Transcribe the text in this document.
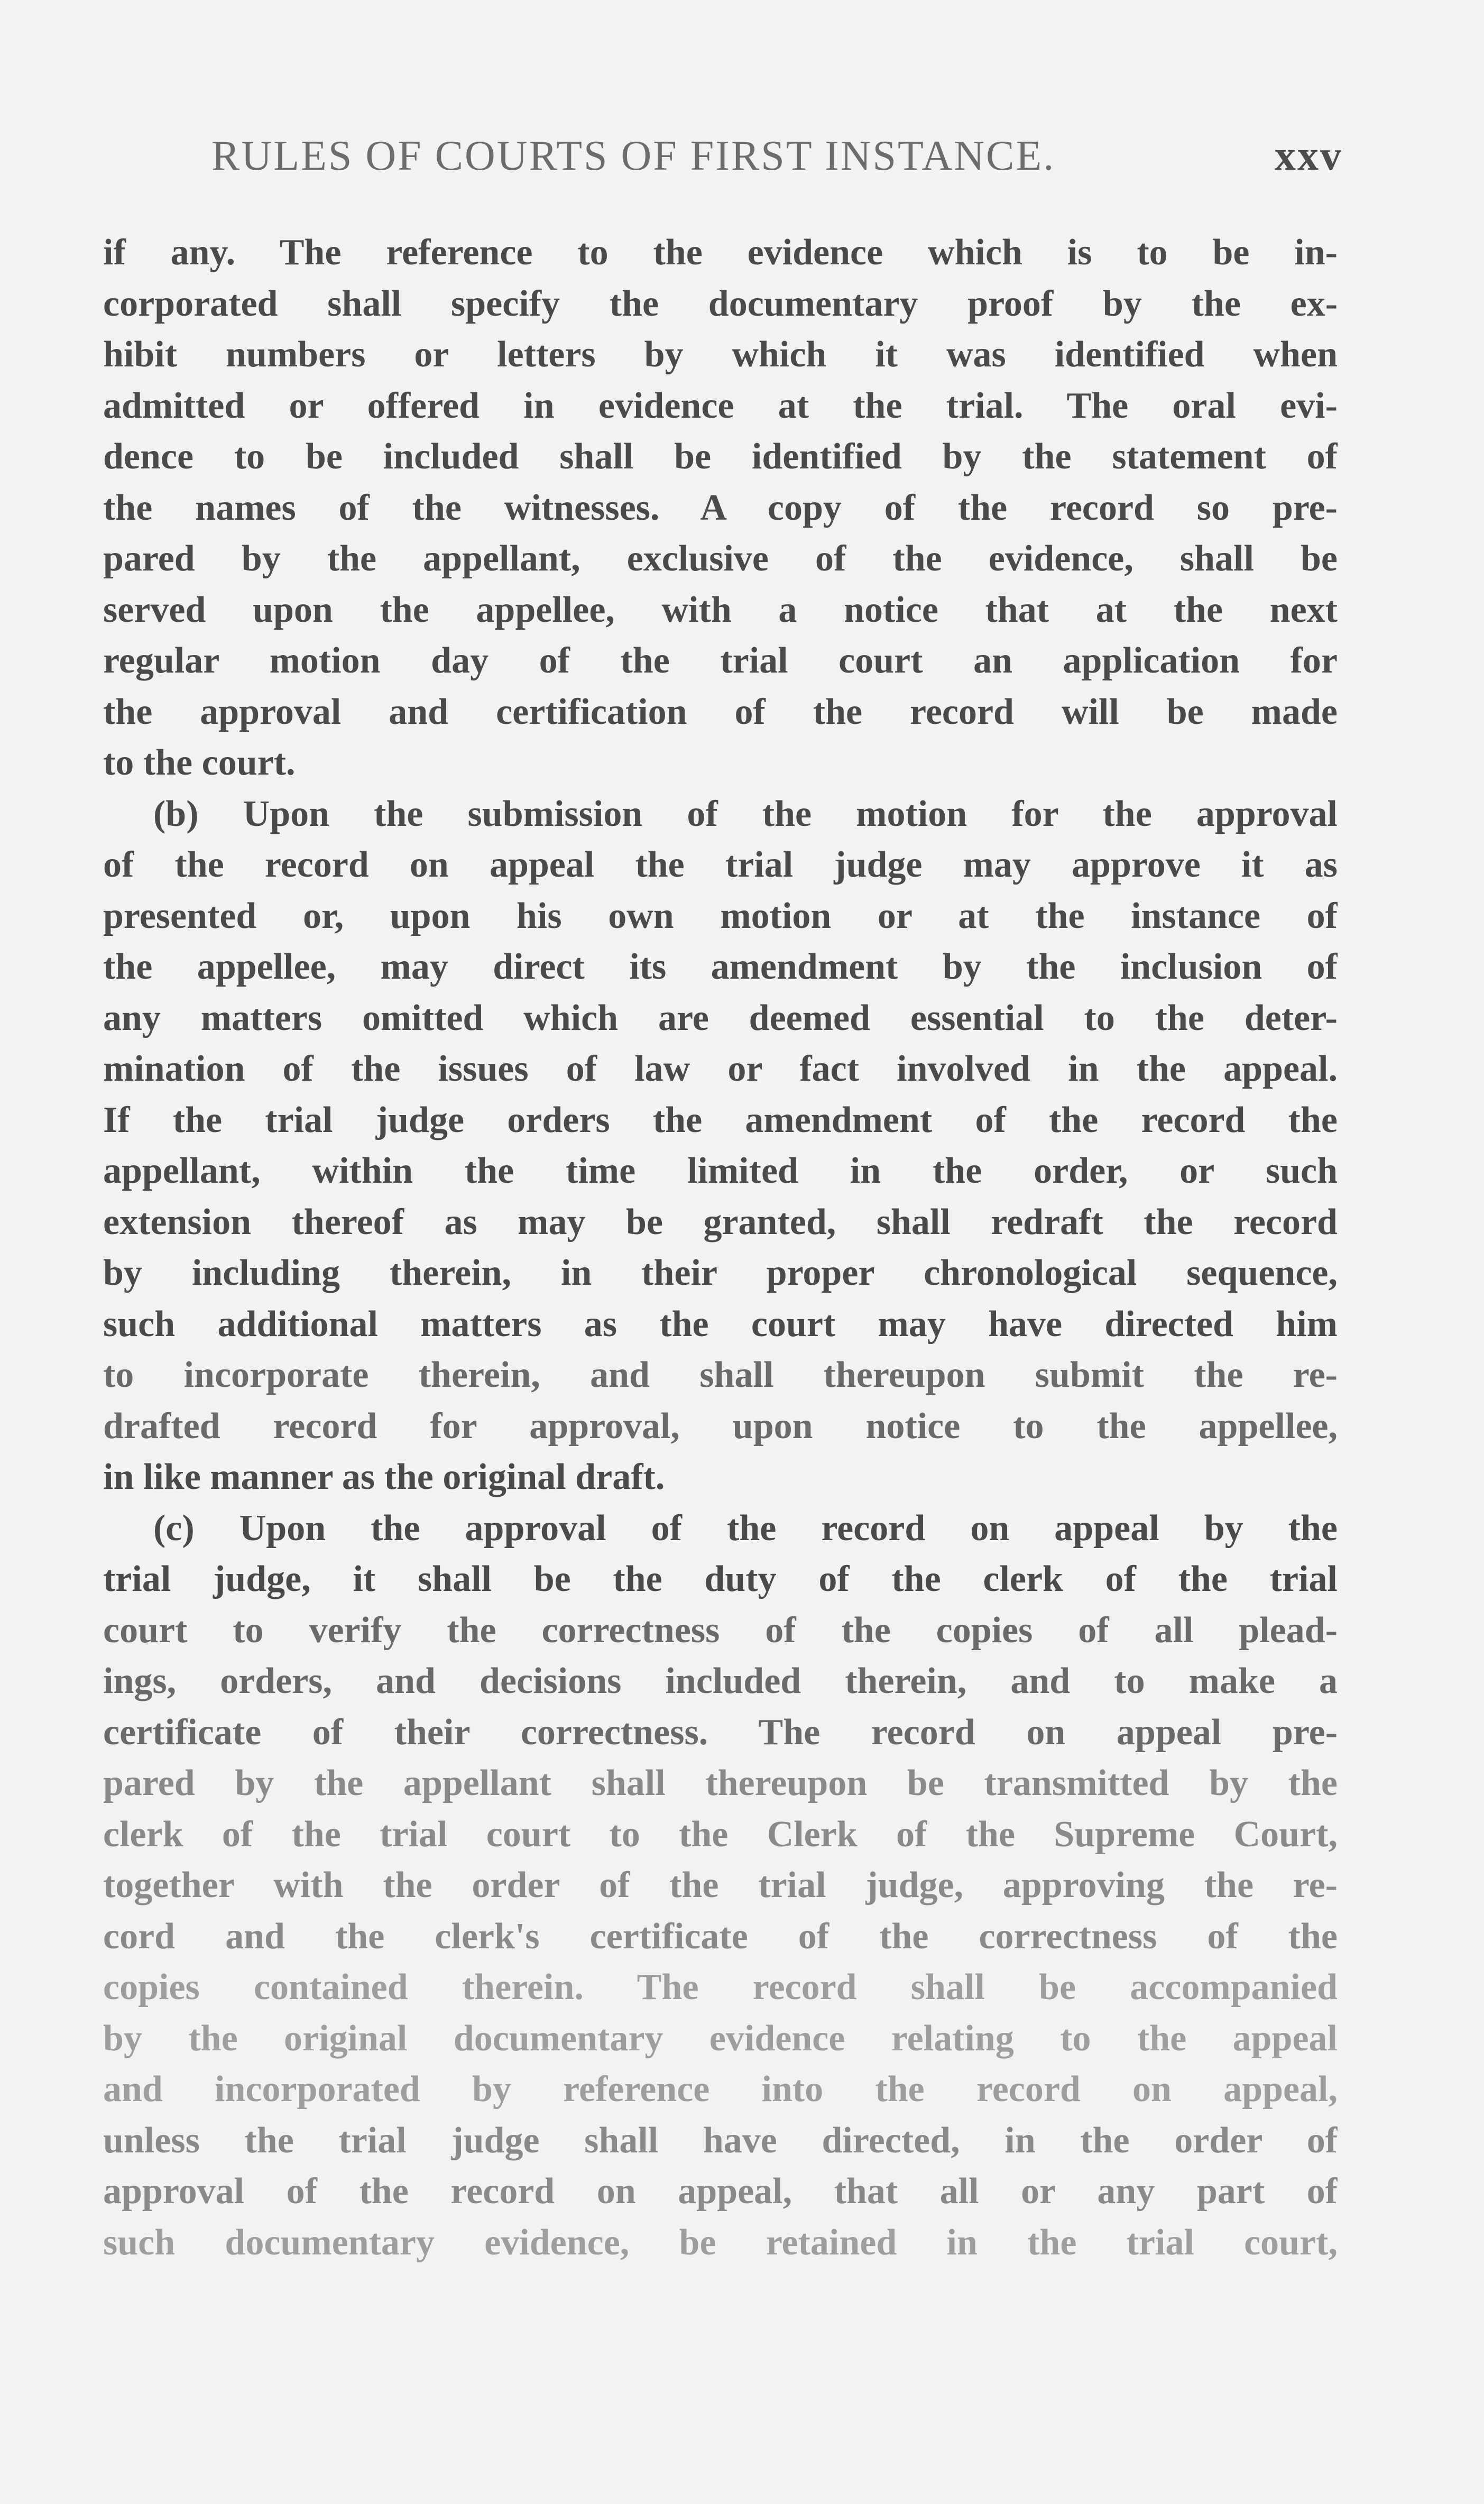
RULES OF COURTS OF FIRST INSTANCE.	xxv
if any. The reference to the evidence which is to be in-
corporated shall specify the documentary proof by the ex-
hibit numbers or letters by which it was identified when
admitted or offered in evidence at the trial. The oral evi-
dence to be included shall be identified by the statement of
the names of the witnesses. A copy of the record so pre-
pared by the appellant, exclusive of the evidence, shall be
served upon the appellee, with a notice that at the next
regular motion day of the trial court an application for
the approval and certification of the record will be made
to the court.
(b) Upon the submission of the motion for the approval
of the record on appeal the trial judge may approve it as
presented or, upon his own motion or at the instance of
the appellee, may direct its amendment by the inclusion of
any matters omitted which are deemed essential to the deter-
mination of the issues of law or fact involved in the appeal.
If the trial judge orders the amendment of the record the
appellant, within the time limited in the order, or such
extension thereof as may be granted, shall redraft the record
by including therein, in their proper chronological sequence,
such additional matters as the court may have directed him
to incorporate therein, and shall thereupon submit the re-
drafted record for approval, upon notice to the appellee,
in like manner as the original draft.
(c) Upon the approval of the record on appeal by the
trial judge, it shall be the duty of the clerk of the trial
court to verify the correctness of the copies of all plead-
ings, orders, and decisions included therein, and to make a
certificate of their correctness. The record on appeal pre-
pared by the appellant shall thereupon be transmitted by the
clerk of the trial court to the Clerk of the Supreme Court,
together with the order of the trial judge, approving the re-
cord and the clerk's certificate of the correctness of the
copies contained therein. The record shall be accompanied
by the original documentary evidence relating to the appeal
and incorporated by reference into the record on appeal,
unless the trial judge shall have directed, in the order of
approval of the record on appeal, that all or any part of
such documentary evidence, be retained in the trial court,
